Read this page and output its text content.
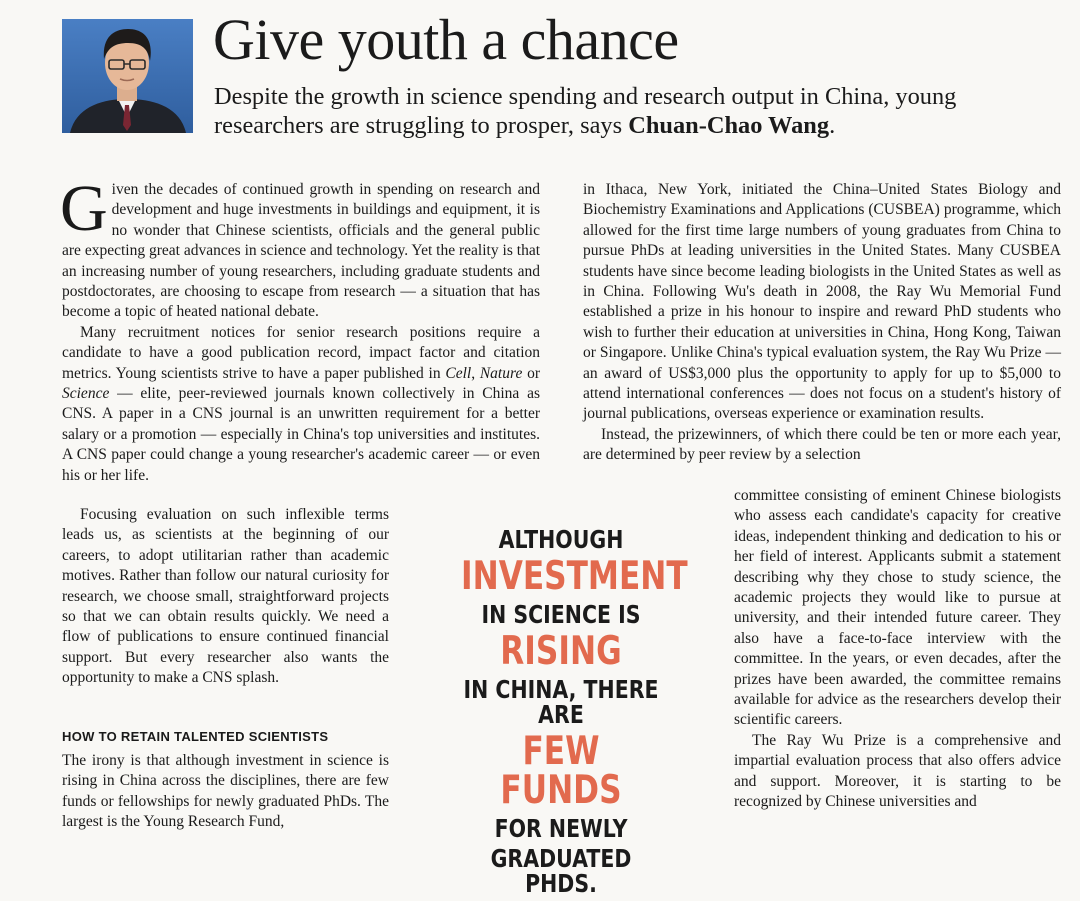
Give youth a chance
Despite the growth in science spending and research output in China, young researchers are struggling to prosper, says Chuan-Chao Wang.

Given the decades of continued growth in spending on research and development and huge investments in buildings and equipment, it is no wonder that Chinese scientists, officials and the general public are expecting great advances in science and technology. Yet the reality is that an increasing number of young researchers, including graduate students and postdoctorates, are choosing to escape from research — a situation that has become a topic of heated national debate.

Many recruitment notices for senior research positions require a candidate to have a good publication record, impact factor and citation metrics. Young scientists strive to have a paper published in Cell, Nature or Science — elite, peer-reviewed journals known collectively in China as CNS. A paper in a CNS journal is an unwritten requirement for a better salary or a promotion — especially in China's top universities and institutes. A CNS paper could change a young researcher's academic career — or even his or her life.

Focusing evaluation on such inflexible terms leads us, as scientists at the beginning of our careers, to adopt utilitarian rather than academic motives. Rather than follow our natural curiosity for research, we choose small, straightforward projects so that we can obtain results quickly. We need a flow of publications to ensure continued financial support. But every researcher also wants the opportunity to make a CNS splash.

HOW TO RETAIN TALENTED SCIENTISTS

The irony is that although investment in science is rising in China across the disciplines, there are few funds or fellowships for newly graduated PhDs. The largest is the Young Research Fund,

in Ithaca, New York, initiated the China–United States Biology and Biochemistry Examinations and Applications (CUSBEA) programme, which allowed for the first time large numbers of young graduates from China to pursue PhDs at leading universities in the United States. Many CUSBEA students have since become leading biologists in the United States as well as in China. Following Wu's death in 2008, the Ray Wu Memorial Fund established a prize in his honour to inspire and reward PhD students who wish to further their education at universities in China, Hong Kong, Taiwan or Singapore. Unlike China's typical evaluation system, the Ray Wu Prize — an award of US$3,000 plus the opportunity to apply for up to $5,000 to attend international conferences — does not focus on a student's history of journal publications, overseas experience or examination results.

Instead, the prizewinners, of which there could be ten or more each year, are determined by peer review by a selection

committee consisting of eminent Chinese biologists who assess each candidate's capacity for creative ideas, independent thinking and dedication to his or her field of interest. Applicants submit a statement describing why they chose to study science, the academic projects they would like to pursue at university, and their intended future career. They also have a face-to-face interview with the committee. In the years, or even decades, after the prizes have been awarded, the committee remains available for advice as the researchers develop their scientific careers.

The Ray Wu Prize is a comprehensive and impartial evaluation process that also offers advice and support. Moreover, it is starting to be recognized by Chinese universities and

ALTHOUGH
INVESTMENT
IN SCIENCE IS
RISING
IN CHINA, THERE ARE
FEW FUNDS
FOR NEWLY
GRADUATED PHDS.
